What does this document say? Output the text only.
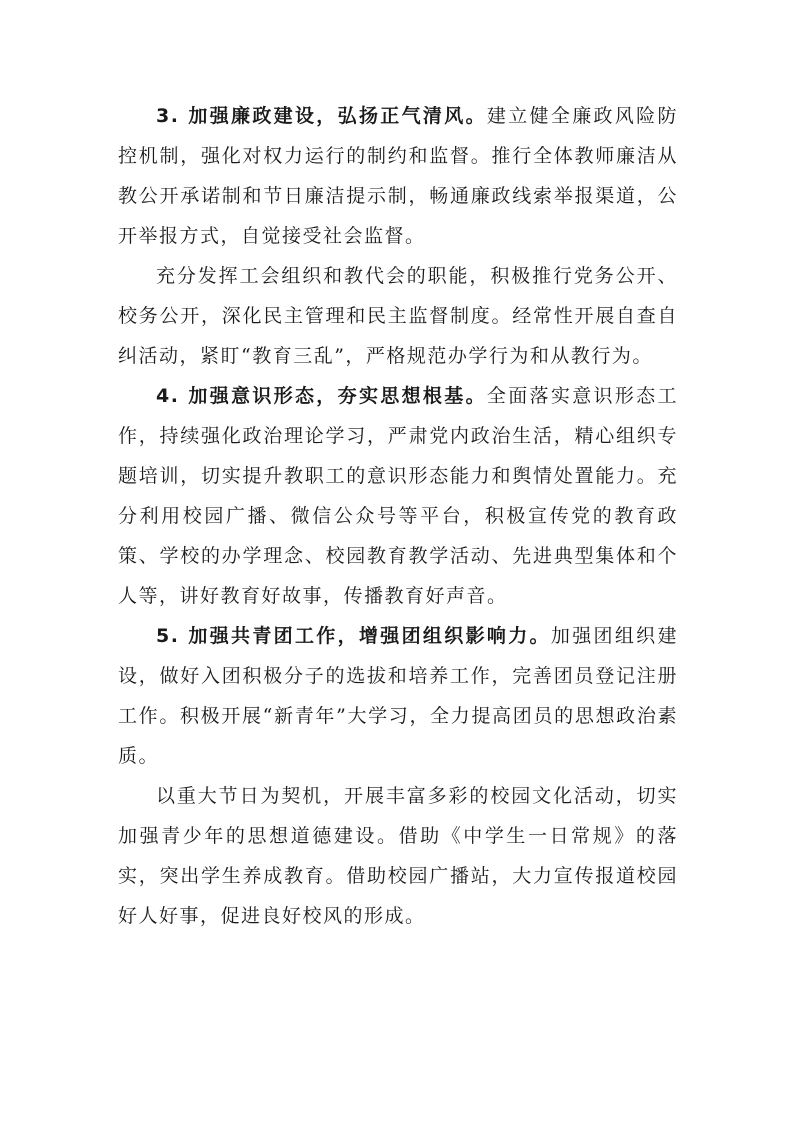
3. 加强廉政建设，弘扬正气清风。建立健全廉政风险防控机制，强化对权力运行的制约和监督。推行全体教师廉洁从教公开承诺制和节日廉洁提示制，畅通廉政线索举报渠道，公开举报方式，自觉接受社会监督。

充分发挥工会组织和教代会的职能，积极推行党务公开、校务公开，深化民主管理和民主监督制度。经常性开展自查自纠活动，紧盯“教育三乱”，严格规范办学行为和从教行为。

4. 加强意识形态，夯实思想根基。全面落实意识形态工作，持续强化政治理论学习，严肃党内政治生活，精心组织专题培训，切实提升教职工的意识形态能力和舆情处置能力。充分利用校园广播、微信公众号等平台，积极宣传党的教育政策、学校的办学理念、校园教育教学活动、先进典型集体和个人等，讲好教育好故事，传播教育好声音。

5. 加强共青团工作，增强团组织影响力。加强团组织建设，做好入团积极分子的选拔和培养工作，完善团员登记注册工作。积极开展“新青年”大学习，全力提高团员的思想政治素质。

以重大节日为契机，开展丰富多彩的校园文化活动，切实加强青少年的思想道德建设。借助《中学生一日常规》的落实，突出学生养成教育。借助校园广播站，大力宣传报道校园好人好事，促进良好校风的形成。
